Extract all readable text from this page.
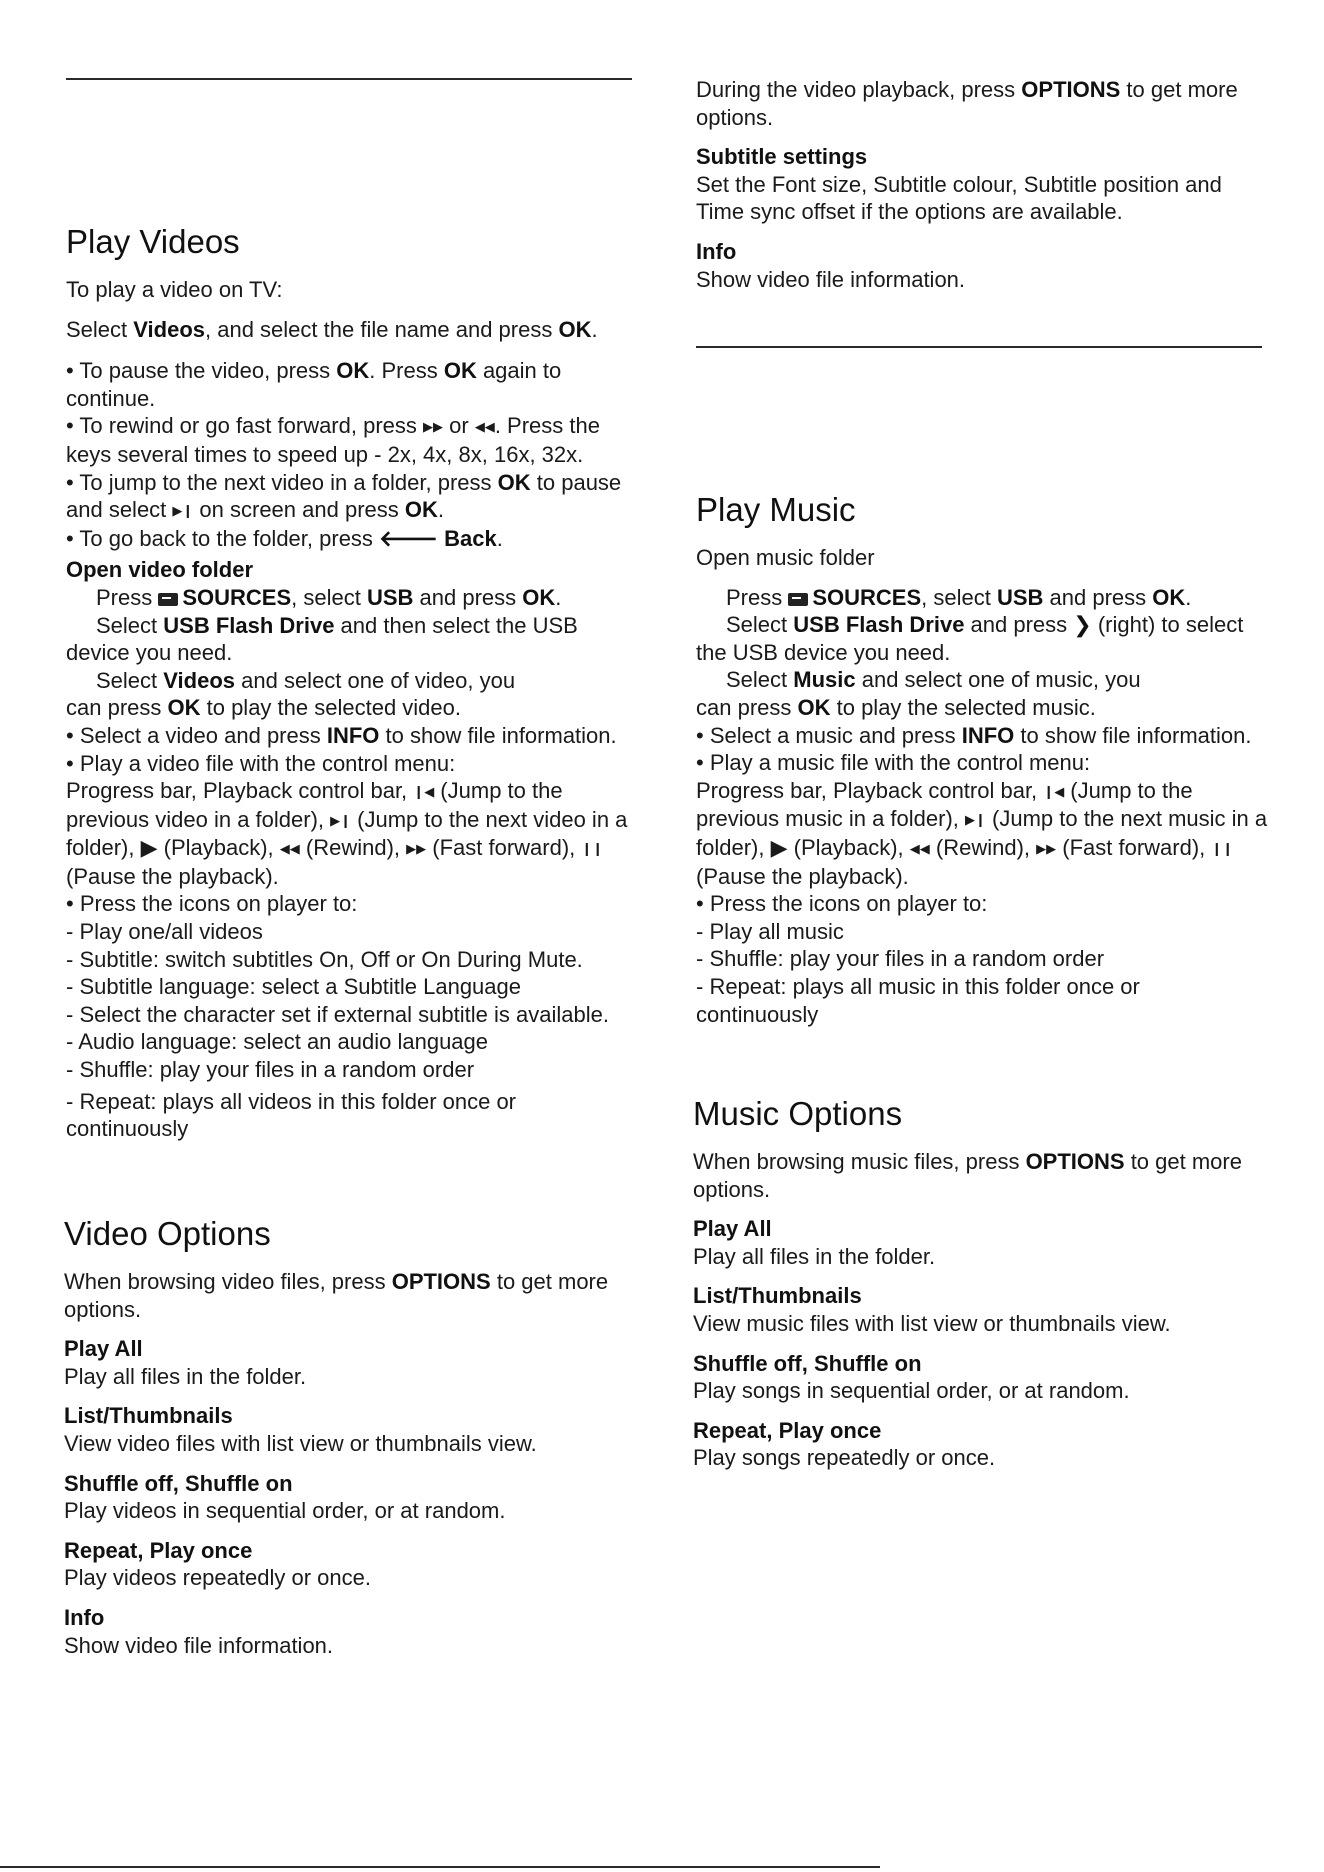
Play Videos

To play a video on TV:

Select Videos, and select the file name and press OK.

• To pause the video, press OK. Press OK again to continue.

• To rewind or go fast forward, press ▶▶ or ◀◀. Press the keys several times to speed up - 2x, 4x, 8x, 16x, 32x.

• To jump to the next video in a folder, press OK to pause and select ▶❙ on screen and press OK.

• To go back to the folder, press 🡐 Back.

Open video folder

Press SOURCES, select USB and press OK.

Select USB Flash Drive and then select the USB device you need.

Select Videos and select one of video, you can press OK to play the selected video.

• Select a video and press INFO to show file information.

• Play a video file with the control menu:

Progress bar, Playback control bar, ❙◀ (Jump to the previous video in a folder), ▶❙ (Jump to the next video in a folder), ▶ (Playback), ◀◀ (Rewind), ▶▶ (Fast forward), ❙❙ (Pause the playback).

• Press the icons on player to:

- Play one/all videos

- Subtitle: switch subtitles On, Off or On During Mute.

- Subtitle language: select a Subtitle Language

- Select the character set if external subtitle is available.

- Audio language: select an audio language

- Shuffle: play your files in a random order

- Repeat: plays all videos in this folder once or continuously

Video Options

When browsing video files, press OPTIONS to get more options.

Play All

Play all files in the folder.

List/Thumbnails

View video files with list view or thumbnails view.

Shuffle off, Shuffle on

Play videos in sequential order, or at random.

Repeat, Play once

Play videos repeatedly or once.

Info

Show video file information.

During the video playback, press OPTIONS to get more options.

Subtitle settings

Set the Font size, Subtitle colour, Subtitle position and Time sync offset if the options are available.

Info

Show video file information.

Play Music

Open music folder

Press SOURCES, select USB and press OK.

Select USB Flash Drive and press ❯ (right) to select the USB device you need.

Select Music and select one of music, you can press OK to play the selected music.

• Select a music and press INFO to show file information.

• Play a music file with the control menu:

Progress bar, Playback control bar, ❙◀ (Jump to the previous music in a folder), ▶❙ (Jump to the next music in a folder), ▶ (Playback), ◀◀ (Rewind), ▶▶ (Fast forward), ❙❙ (Pause the playback).

• Press the icons on player to:

- Play all music

- Shuffle: play your files in a random order

- Repeat: plays all music in this folder once or continuously

Music Options

When browsing music files, press OPTIONS to get more options.

Play All

Play all files in the folder.

List/Thumbnails

View music files with list view or thumbnails view.

Shuffle off, Shuffle on

Play songs in sequential order, or at random.

Repeat, Play once

Play songs repeatedly or once.
